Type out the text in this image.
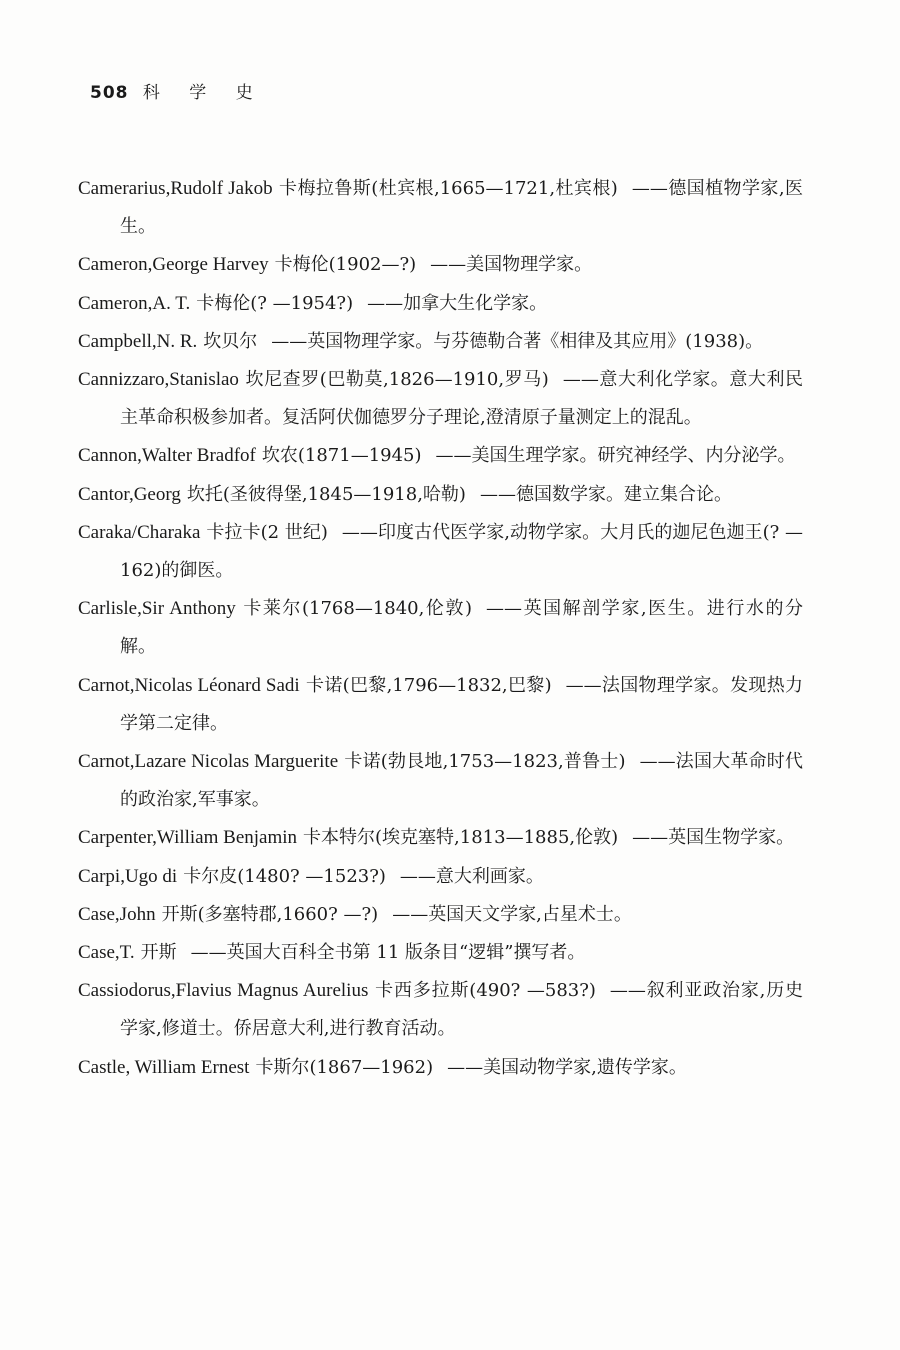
508 科 学 史

Camerarius,Rudolf Jakob 卡梅拉鲁斯(杜宾根,1665—1721,杜宾根) ——德国植物学家,医生。

Cameron,George Harvey 卡梅伦(1902—?) ——美国物理学家。

Cameron,A. T. 卡梅伦(? —1954?) ——加拿大生化学家。

Campbell,N. R. 坎贝尔 ——英国物理学家。与芬德勒合著《相律及其应用》(1938)。

Cannizzaro,Stanislao 坎尼查罗(巴勒莫,1826—1910,罗马) ——意大利化学家。意大利民主革命积极参加者。复活阿伏伽德罗分子理论,澄清原子量测定上的混乱。

Cannon,Walter Bradfof 坎农(1871—1945) ——美国生理学家。研究神经学、内分泌学。

Cantor,Georg 坎托(圣彼得堡,1845—1918,哈勒) ——德国数学家。建立集合论。

Caraka/Charaka 卡拉卡(2 世纪) ——印度古代医学家,动物学家。大月氏的迦尼色迦王(? —162)的御医。

Carlisle,Sir Anthony 卡莱尔(1768—1840,伦敦) ——英国解剖学家,医生。进行水的分解。

Carnot,Nicolas Léonard Sadi 卡诺(巴黎,1796—1832,巴黎) ——法国物理学家。发现热力学第二定律。

Carnot,Lazare Nicolas Marguerite 卡诺(勃艮地,1753—1823,普鲁士) ——法国大革命时代的政治家,军事家。

Carpenter,William Benjamin 卡本特尔(埃克塞特,1813—1885,伦敦) ——英国生物学家。

Carpi,Ugo di 卡尔皮(1480? —1523?) ——意大利画家。

Case,John 开斯(多塞特郡,1660? —?) ——英国天文学家,占星术士。

Case,T. 开斯 ——英国大百科全书第 11 版条目“逻辑”撰写者。

Cassiodorus,Flavius Magnus Aurelius 卡西多拉斯(490? —583?) ——叙利亚政治家,历史学家,修道士。侨居意大利,进行教育活动。

Castle, William Ernest 卡斯尔(1867—1962) ——美国动物学家,遗传学家。
